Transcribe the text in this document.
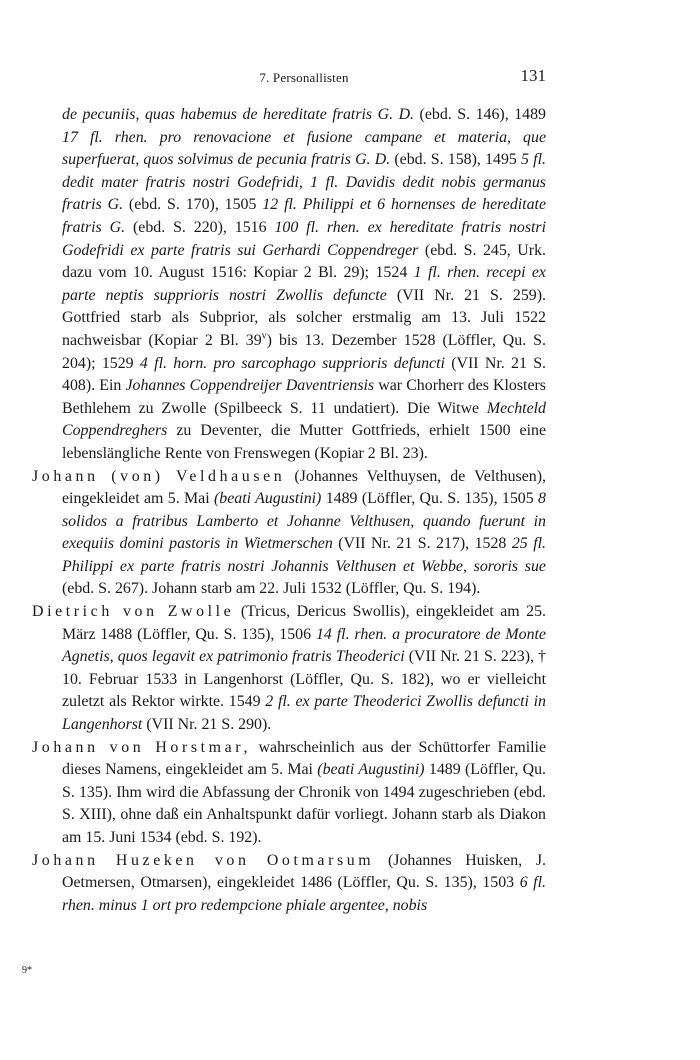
7. Personallisten	131

de pecuniis, quas habemus de hereditate fratris G. D. (ebd. S. 146), 1489 17 fl. rhen. pro renovacione et fusione campane et materia, que superfuerat, quos solvimus de pecunia fratris G. D. (ebd. S. 158), 1495 5 fl. dedit mater fratris nostri Godefridi, 1 fl. Davidis dedit nobis germanus fratris G. (ebd. S. 170), 1505 12 fl. Philippi et 6 hornenses de hereditate fratris G. (ebd. S. 220), 1516 100 fl. rhen. ex hereditate fratris nostri Godefridi ex parte fratris sui Gerhardi Coppendreger (ebd. S. 245, Urk. dazu vom 10. August 1516: Kopiar 2 Bl. 29); 1524 1 fl. rhen. recepi ex parte neptis supprioris nostri Zwollis defuncte (VII Nr. 21 S. 259). Gottfried starb als Subprior, als solcher erstmalig am 13. Juli 1522 nachweisbar (Kopiar 2 Bl. 39$^v$) bis 13. Dezember 1528 (Löffler, Qu. S. 204); 1529 4 fl. horn. pro sarcophago supprioris defuncti (VII Nr. 21 S. 408). Ein Johannes Coppendreijer Daventriensis war Chorherr des Klosters Bethlehem zu Zwolle (Spilbeeck S. 11 undatiert). Die Witwe Mechteld Coppendreghers zu Deventer, die Mutter Gottfrieds, erhielt 1500 eine lebenslängliche Rente von Frenswegen (Kopiar 2 Bl. 23).

Johann (von) Veldhausen (Johannes Velthuysen, de Velthusen), eingekleidet am 5. Mai (beati Augustini) 1489 (Löffler, Qu. S. 135), 1505 8 solidos a fratribus Lamberto et Johanne Velthusen, quando fuerunt in exequiis domini pastoris in Wietmerschen (VII Nr. 21 S. 217), 1528 25 fl. Philippi ex parte fratris nostri Johannis Velthusen et Webbe, sororis sue (ebd. S. 267). Johann starb am 22. Juli 1532 (Löffler, Qu. S. 194).

Dietrich von Zwolle (Tricus, Dericus Swollis), eingekleidet am 25. März 1488 (Löffler, Qu. S. 135), 1506 14 fl. rhen. a procuratore de Monte Agnetis, quos legavit ex patrimonio fratris Theoderici (VII Nr. 21 S. 223), † 10. Februar 1533 in Langenhorst (Löffler, Qu. S. 182), wo er vielleicht zuletzt als Rektor wirkte. 1549 2 fl. ex parte Theoderici Zwollis defuncti in Langenhorst (VII Nr. 21 S. 290).

Johann von Horstmar, wahrscheinlich aus der Schüttorfer Familie dieses Namens, eingekleidet am 5. Mai (beati Augustini) 1489 (Löffler, Qu. S. 135). Ihm wird die Abfassung der Chronik von 1494 zugeschrieben (ebd. S. XIII), ohne daß ein Anhaltspunkt dafür vorliegt. Johann starb als Diakon am 15. Juni 1534 (ebd. S. 192).

Johann Huzeken von Ootmarsum (Johannes Huisken, J. Oetmersen, Otmarsen), eingekleidet 1486 (Löffler, Qu. S. 135), 1503 6 fl. rhen. minus 1 ort pro redempcione phiale argentee, nobis

9*
